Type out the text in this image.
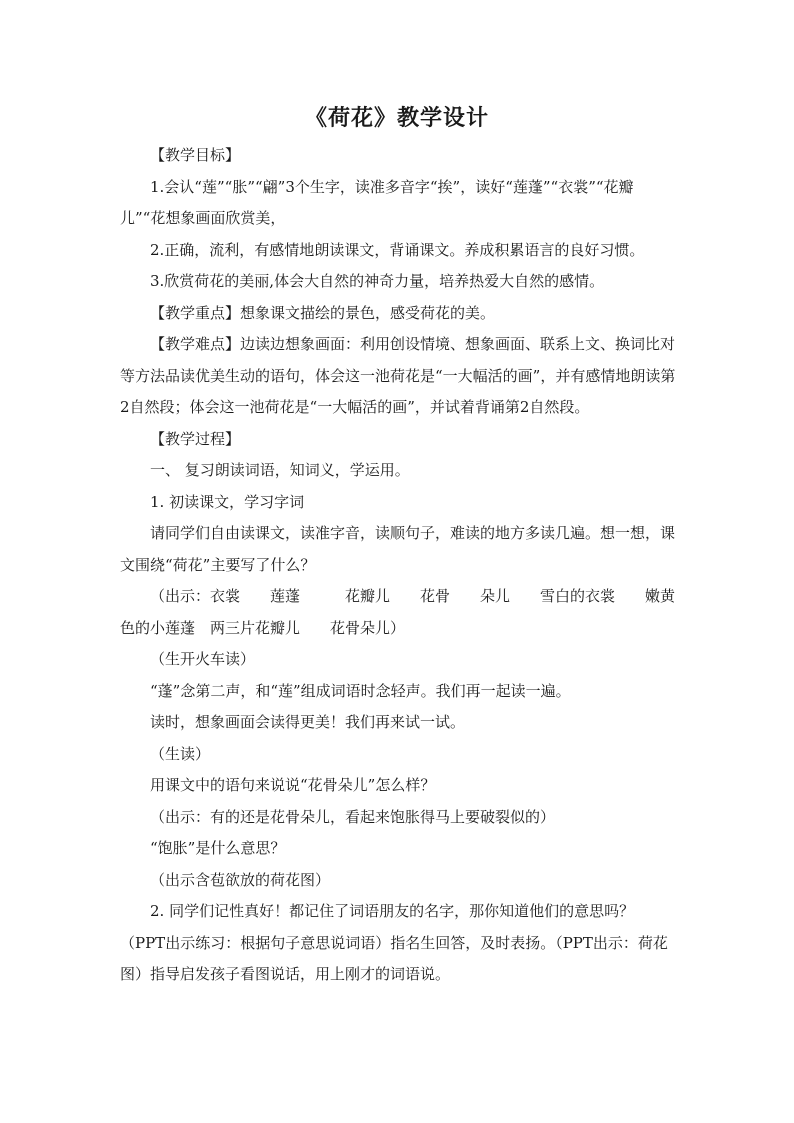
《荷花》教学设计

【教学目标】

1.会认“莲”“胀”“翩”3个生字，读准多音字“挨”，读好“莲蓬”“衣裳”“花瓣儿”“花想象画面欣赏美，

2.正确，流利，有感情地朗读课文，背诵课文。养成积累语言的良好习惯。

3.欣赏荷花的美丽,体会大自然的神奇力量，培养热爱大自然的感情。

【教学重点】想象课文描绘的景色，感受荷花的美。

【教学难点】边读边想象画面：利用创设情境、想象画面、联系上文、换词比对等方法品读优美生动的语句，体会这一池荷花是“一大幅活的画”，并有感情地朗读第2自然段；体会这一池荷花是“一大幅活的画”，并试着背诵第2自然段。

【教学过程】

一、 复习朗读词语，知词义，学运用。

1. 初读课文，学习字词

请同学们自由读课文，读准字音，读顺句子，难读的地方多读几遍。想一想，课文围绕“荷花”主要写了什么？

（出示：衣裳　　莲蓬　　　花瓣儿　　花骨　　朵儿　　雪白的衣裳　　嫩黄色的小莲蓬　两三片花瓣儿　　花骨朵儿）

（生开火车读）

“蓬”念第二声，和“莲”组成词语时念轻声。我们再一起读一遍。

读时，想象画面会读得更美！我们再来试一试。

（生读）

用课文中的语句来说说“花骨朵儿”怎么样？

（出示：有的还是花骨朵儿，看起来饱胀得马上要破裂似的）

“饱胀”是什么意思？

（出示含苞欲放的荷花图）

2. 同学们记性真好！都记住了词语朋友的名字，那你知道他们的意思吗？（PPT出示练习：根据句子意思说词语）指名生回答，及时表扬。（PPT出示：荷花图）指导启发孩子看图说话，用上刚才的词语说。
